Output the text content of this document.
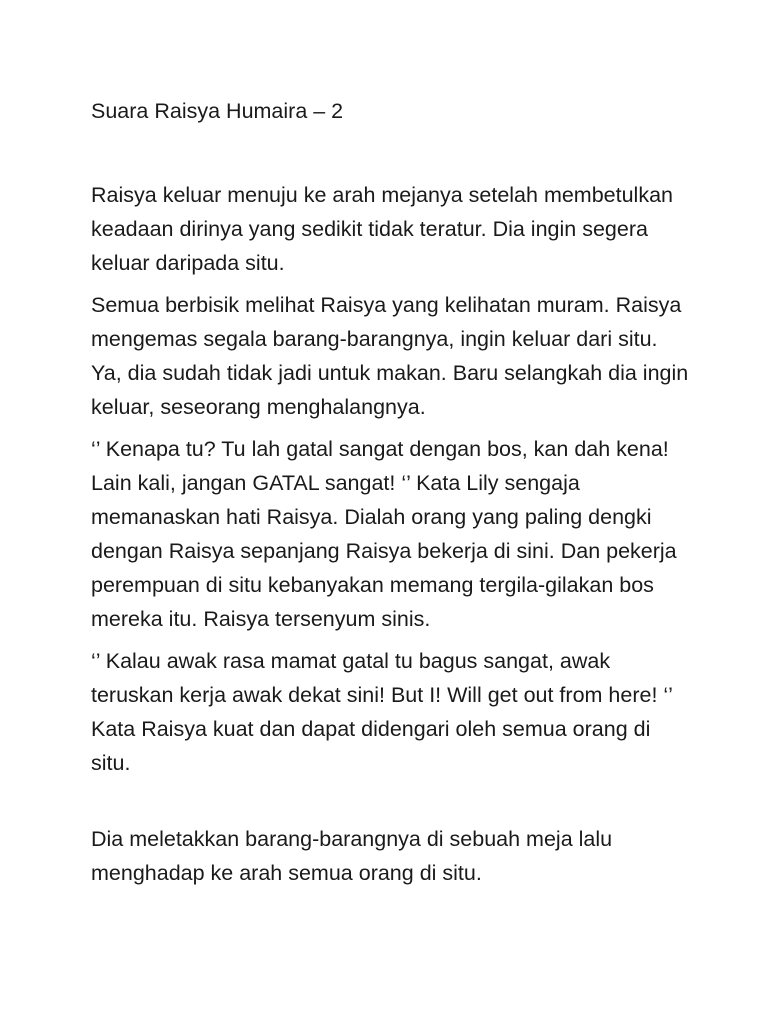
Suara Raisya Humaira – 2

Raisya keluar menuju ke arah mejanya setelah membetulkan keadaan dirinya yang sedikit tidak teratur. Dia ingin segera keluar daripada situ.

Semua berbisik melihat Raisya yang kelihatan muram. Raisya mengemas segala barang-barangnya, ingin keluar dari situ. Ya, dia sudah tidak jadi untuk makan. Baru selangkah dia ingin keluar, seseorang menghalangnya.

‘’ Kenapa tu? Tu lah gatal sangat dengan bos, kan dah kena! Lain kali, jangan GATAL sangat! ‘’ Kata Lily sengaja memanaskan hati Raisya. Dialah orang yang paling dengki dengan Raisya sepanjang Raisya bekerja di sini. Dan pekerja perempuan di situ kebanyakan memang tergila-gilakan bos mereka itu. Raisya tersenyum sinis.

‘’ Kalau awak rasa mamat gatal tu bagus sangat, awak teruskan kerja awak dekat sini! But I! Will get out from here! ‘’ Kata Raisya kuat dan dapat didengari oleh semua orang di situ.

Dia meletakkan barang-barangnya di sebuah meja lalu menghadap ke arah semua orang di situ.
